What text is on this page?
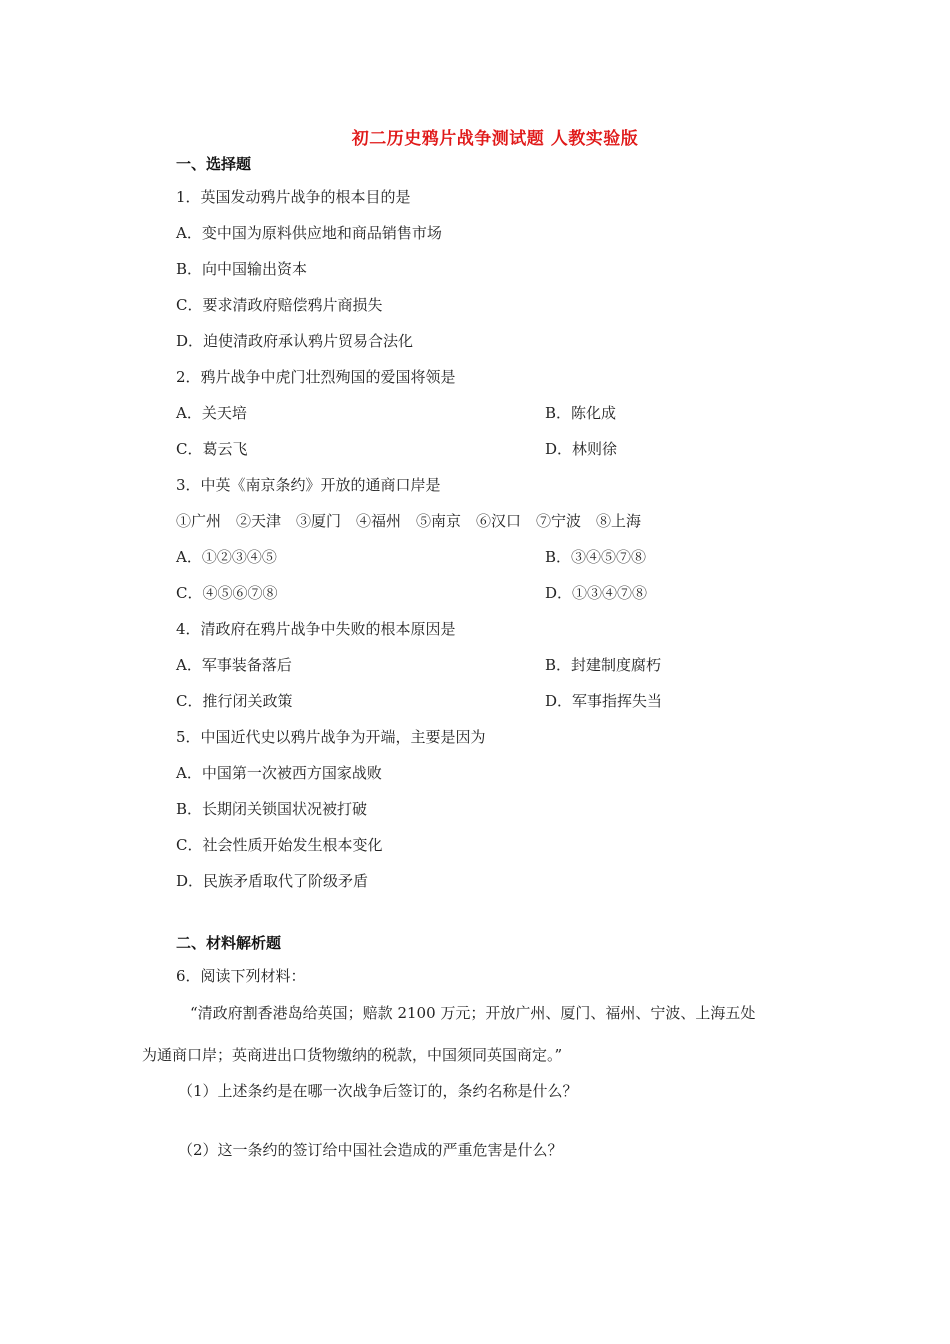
初二历史鸦片战争测试题 人教实验版
一、选择题
1．英国发动鸦片战争的根本目的是
A．变中国为原料供应地和商品销售市场
B．向中国输出资本
C．要求清政府赔偿鸦片商损失
D．迫使清政府承认鸦片贸易合法化
2．鸦片战争中虎门壮烈殉国的爱国将领是
A．关天培	B．陈化成
C．葛云飞	D．林则徐
3．中英《南京条约》开放的通商口岸是
①广州　②天津　③厦门　④福州　⑤南京　⑥汉口　⑦宁波　⑧上海
A．①②③④⑤	B．③④⑤⑦⑧
C．④⑤⑥⑦⑧	D．①③④⑦⑧
4．清政府在鸦片战争中失败的根本原因是
A．军事装备落后	B．封建制度腐朽
C．推行闭关政策	D．军事指挥失当
5．中国近代史以鸦片战争为开端，主要是因为
A．中国第一次被西方国家战败
B．长期闭关锁国状况被打破
C．社会性质开始发生根本变化
D．民族矛盾取代了阶级矛盾
二、材料解析题
6．阅读下列材料：
“清政府割香港岛给英国；赔款 2100 万元；开放广州、厦门、福州、宁波、上海五处
为通商口岸；英商进出口货物缴纳的税款，中国须同英国商定。”
（1）上述条约是在哪一次战争后签订的，条约名称是什么？
（2）这一条约的签订给中国社会造成的严重危害是什么？
